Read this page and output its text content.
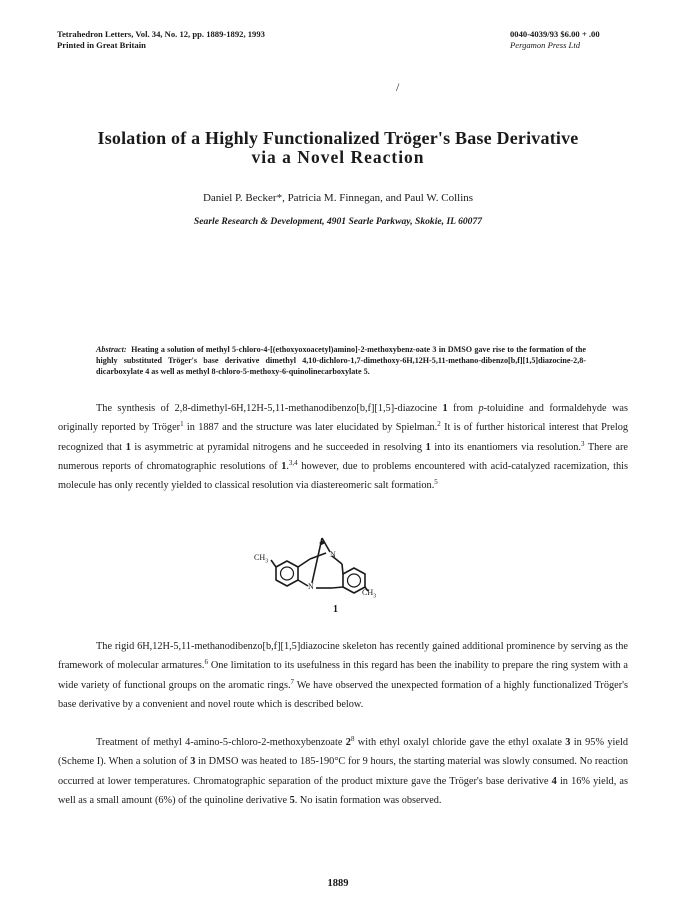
Tetrahedron Letters, Vol. 34, No. 12, pp. 1889-1892, 1993
Printed in Great Britain
0040-4039/93 $6.00 + .00
Pergamon Press Ltd
/
Isolation of a Highly Functionalized Tröger's Base Derivative
via a Novel Reaction
Daniel P. Becker*, Patricia M. Finnegan, and Paul W. Collins
Searle Research & Development, 4901 Searle Parkway, Skokie, IL 60077
Abstract: Heating a solution of methyl 5-chloro-4-[(ethoxyoxoacetyl)amino]-2-methoxybenz-oate 3 in DMSO gave rise to the formation of the highly substituted Tröger's base derivative dimethyl 4,10-dichloro-1,7-dimethoxy-6H,12H-5,11-methano-dibenzo[b,f][1,5]diazocine-2,8-dicarboxylate 4 as well as methyl 8-chloro-5-methoxy-6-quinolinecarboxylate 5.

The synthesis of 2,8-dimethyl-6H,12H-5,11-methanodibenzo[b,f][1,5]-diazocine 1 from p-toluidine and formaldehyde was originally reported by Tröger$^1$ in 1887 and the structure was later elucidated by Spielman.$^2$ It is of further historical interest that Prelog recognized that 1 is asymmetric at pyramidal nitrogens and he succeeded in resolving 1 into its enantiomers via resolution.$^3$ There are numerous reports of chromatographic resolutions of 1.$^{3,4}$ however, due to problems encountered with acid-catalyzed racemization, this molecule has only recently yielded to classical resolution via diastereomeric salt formation.$^5$

$CH_3$
$CH_3$
N
N
1

The rigid 6H,12H-5,11-methanodibenzo[b,f][1,5]diazocine skeleton has recently gained additional prominence by serving as the framework of molecular armatures.$^6$ One limitation to its usefulness in this regard has been the inability to prepare the ring system with a wide variety of functional groups on the aromatic rings.$^7$ We have observed the unexpected formation of a highly functionalized Tröger's base derivative by a convenient and novel route which is described below.

Treatment of methyl 4-amino-5-chloro-2-methoxybenzoate $2^8$ with ethyl oxalyl chloride gave the ethyl oxalate 3 in 95% yield (Scheme I). When a solution of 3 in DMSO was heated to 185-190°C for 9 hours, the starting material was slowly consumed. No reaction occurred at lower temperatures. Chromatographic separation of the product mixture gave the Tröger's base derivative 4 in 16% yield, as well as a small amount (6%) of the quinoline derivative 5. No isatin formation was observed.

1889
